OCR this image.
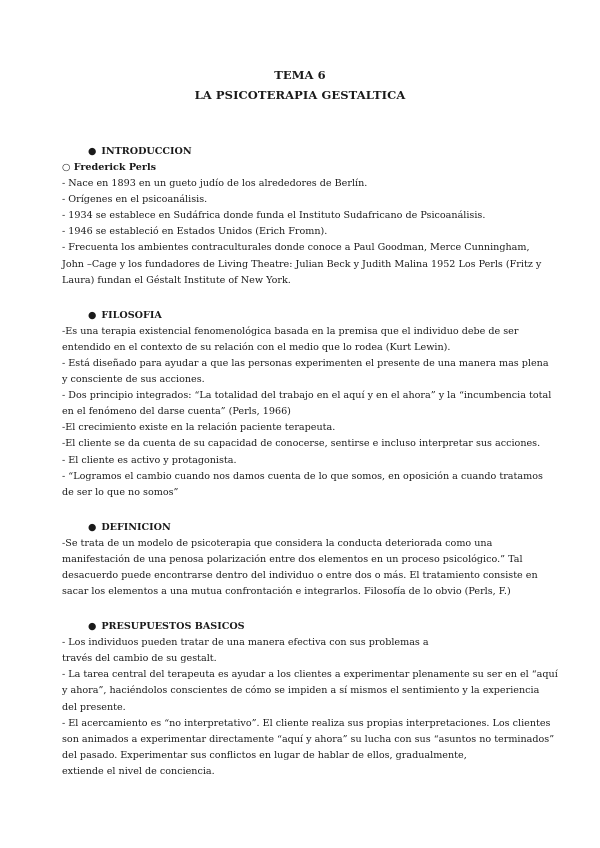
TEMA 6
LA PSICOTERAPIA GESTALTICA
● INTRODUCCION
○ Frederick Perls
- Nace en 1893 en un gueto judío de los alrededores de Berlín.
- Orígenes en el psicoanálisis.
- 1934 se establece en Sudáfrica donde funda el Instituto Sudafricano de Psicoanálisis.
- 1946 se estableció en Estados Unidos (Erich Fromn).
- Frecuenta los ambientes contraculturales donde conoce a Paul Goodman, Merce Cunningham,
John –Cage y los fundadores de Living Theatre: Julian Beck y Judith Malina 1952 Los Perls (Fritz y
Laura) fundan el Géstalt Institute of New York.
● FILOSOFIA
-Es una terapia existencial fenomenológica basada en la premisa que el individuo debe de ser
entendido en el contexto de su relación con el medio que lo rodea (Kurt Lewin).
- Está diseñado para ayudar a que las personas experimenten el presente de una manera mas plena
y consciente de sus acciones.
- Dos principio integrados: “La totalidad del trabajo en el aquí y en el ahora” y la “incumbencia total
en el fenómeno del darse cuenta” (Perls, 1966)
-El crecimiento existe en la relación paciente terapeuta.
-El cliente se da cuenta de su capacidad de conocerse, sentirse e incluso interpretar sus acciones.
- El cliente es activo y protagonista.
- “Logramos el cambio cuando nos damos cuenta de lo que somos, en oposición a cuando tratamos
de ser lo que no somos”
● DEFINICION
-Se trata de un modelo de psicoterapia que considera la conducta deteriorada como una
manifestación de una penosa polarización entre dos elementos en un proceso psicológico.” Tal
desacuerdo puede encontrarse dentro del individuo o entre dos o más. El tratamiento consiste en
sacar los elementos a una mutua confrontación e integrarlos. Filosofía de lo obvio (Perls, F.)
● PRESUPUESTOS BASICOS
- Los individuos pueden tratar de una manera efectiva con sus problemas a
través del cambio de su gestalt.
- La tarea central del terapeuta es ayudar a los clientes a experimentar plenamente su ser en el “aquí
y ahora”, haciéndolos conscientes de cómo se impiden a sí mismos el sentimiento y la experiencia
del presente.
- El acercamiento es “no interpretativo”. El cliente realiza sus propias interpretaciones. Los clientes
son animados a experimentar directamente “aquí y ahora” su lucha con sus “asuntos no terminados”
del pasado. Experimentar sus conflictos en lugar de hablar de ellos, gradualmente,
extiende el nivel de conciencia.
